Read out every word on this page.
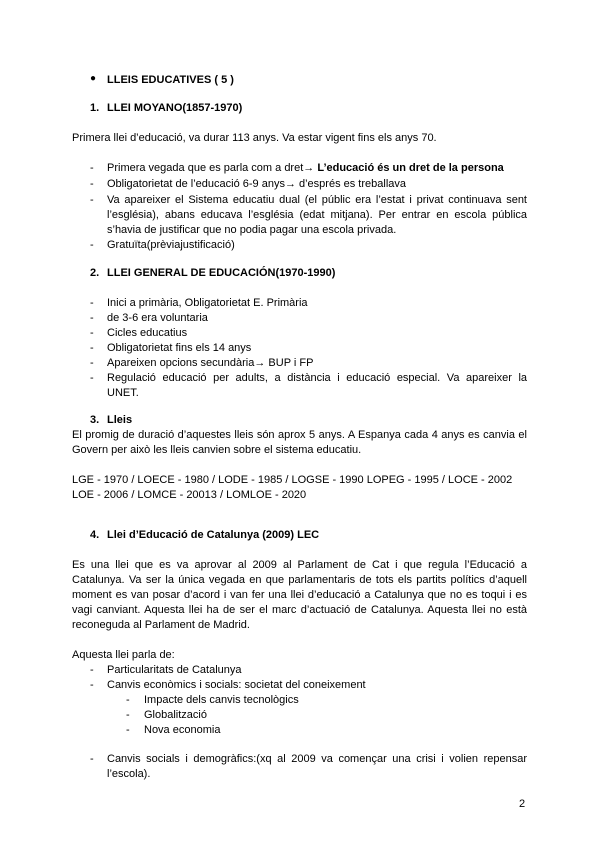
● LLEIS EDUCATIVES ( 5 )
1. LLEI MOYANO(1857-1970)
Primera llei d’educació, va durar 113 anys. Va estar vigent fins els anys 70.
-	Primera vegada que es parla com a dret→ L’educació és un dret de la persona
-	Obligatorietat de l’educació 6-9 anys→ d’esprés es treballava
-	Va apareixer el Sistema educatiu dual (el públic era l’estat i privat continuava sent
l’església), abans educava l’església (edat mitjana). Per entrar en escola pública
s’havia de justificar que no podia pagar una escola privada.
-	Gratuïta(prèviajustificació)
2. LLEI GENERAL DE EDUCACIÓN(1970-1990)
-	Inici a primària, Obligatorietat E. Primària
-	de 3-6 era voluntaria
-	Cicles educatius
-	Obligatorietat fins els 14 anys
-	Apareixen opcions secundària→ BUP i FP
-	Regulació educació per adults, a distància i educació especial. Va apareixer la
UNET.
3. Lleis
El promig de duració d’aquestes lleis són aprox 5 anys. A Espanya cada 4 anys es canvia el
Govern per això les lleis canvien sobre el sistema educatiu.
LGE - 1970 / LOECE - 1980 / LODE - 1985 / LOGSE - 1990 LOPEG - 1995 / LOCE - 2002
LOE - 2006 / LOMCE - 20013 / LOMLOE - 2020
4. Llei d’Educació de Catalunya (2009) LEC
Es una llei que es va aprovar al 2009 al Parlament de Cat i que regula l’Educació a
Catalunya. Va ser la única vegada en que parlamentaris de tots els partits polítics d’aquell
moment es van posar d’acord i van fer una llei d’educació a Catalunya que no es toqui i es
vagi canviant. Aquesta llei ha de ser el marc d’actuació de Catalunya. Aquesta llei no està
reconeguda al Parlament de Madrid.
Aquesta llei parla de:
-	Particularitats de Catalunya
-	Canvis econòmics i socials: societat del coneixement
-	Impacte dels canvis tecnològics
-	Globalització
-	Nova economia
-	Canvis socials i demogràfics:(xq al 2009 va començar una crisi i volien repensar
l’escola).
2
